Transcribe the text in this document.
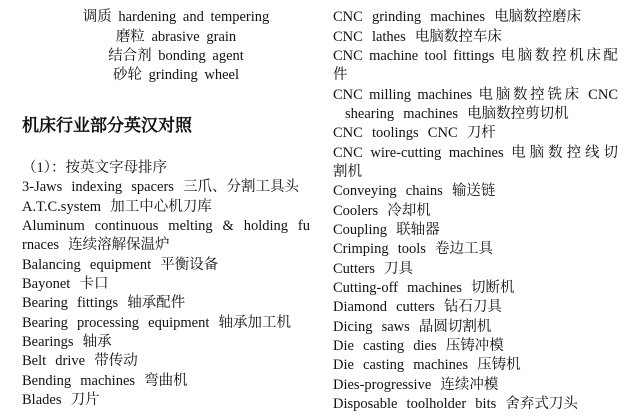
调质 hardening and tempering
磨粒 abrasive grain
结合剂 bonding agent
砂轮 grinding wheel
机床行业部分英汉对照
（1）：按英文字母排序
3-Jaws indexing spacers 三爪、分割工具头
A.T.C.system 加工中心机刀库
Aluminum continuous melting & holding fu
rnaces 连续溶解保温炉
Balancing equipment 平衡设备
Bayonet 卡口
Bearing fittings 轴承配件
Bearing processing equipment 轴承加工机
Bearings 轴承
Belt drive 带传动
Bending machines 弯曲机
Blades 刀片
CNC grinding machines 电脑数控磨床
CNC lathes 电脑数控车床
CNC machine tool fittings 电脑数控机床配
件
CNC milling machines 电脑数控铣床 CNC
shearing machines 电脑数控剪切机
CNC toolings CNC 刀杆
CNC wire-cutting machines 电脑数控线切
割机
Conveying chains 输送链
Coolers 冷却机
Coupling 联轴器
Crimping tools 卷边工具
Cutters 刀具
Cutting-off machines 切断机
Diamond cutters 钻石刀具
Dicing saws 晶圆切割机
Die casting dies 压铸冲模
Die casting machines 压铸机
Dies-progressive 连续冲模
Disposable toolholder bits 舍弃式刀头
